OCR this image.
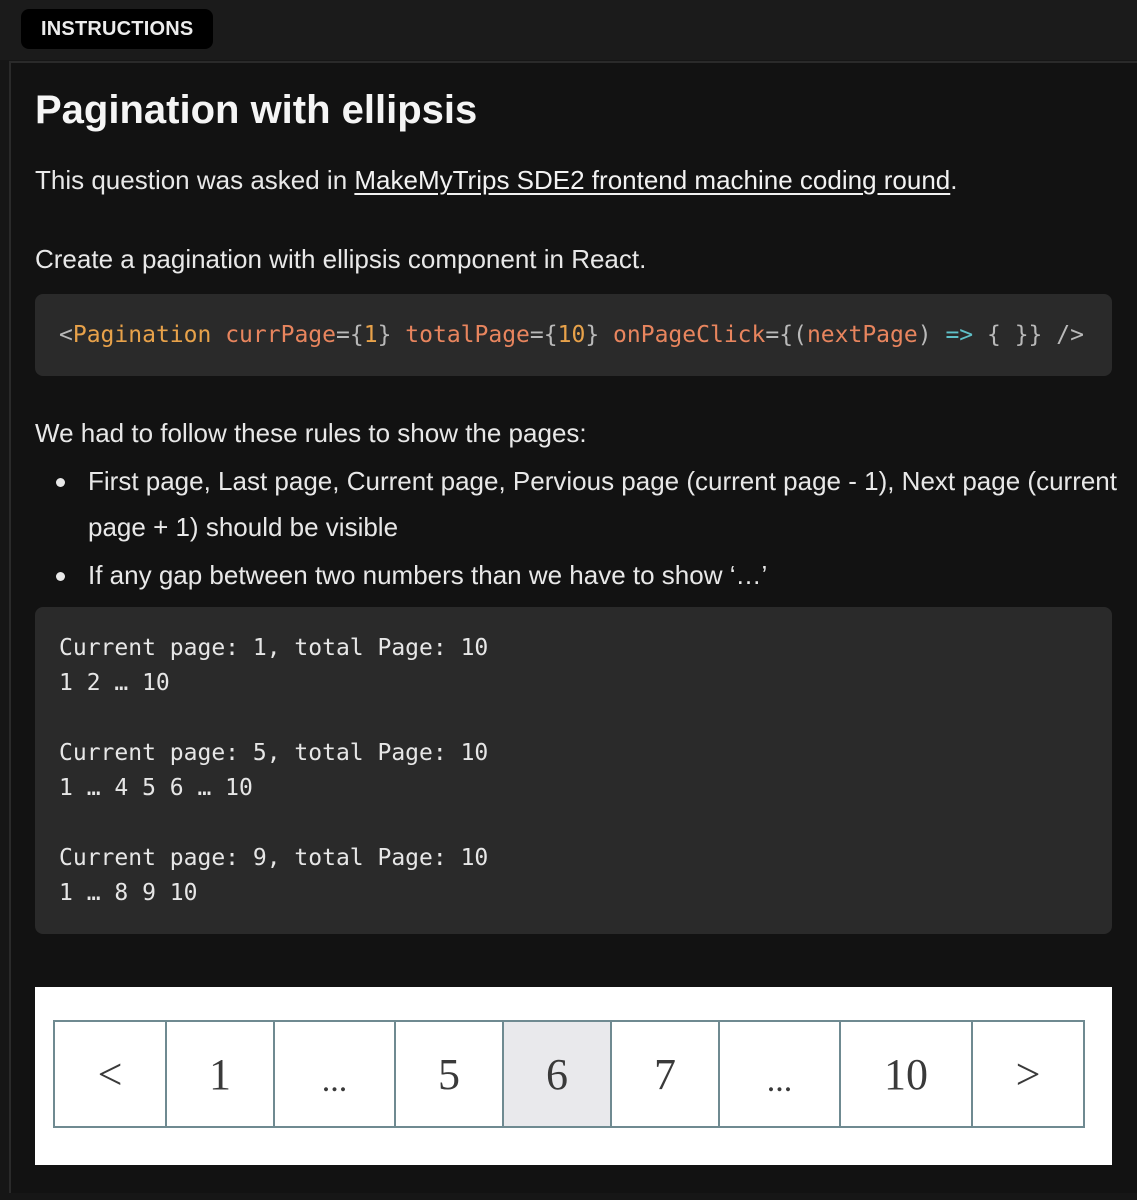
INSTRUCTIONS
Pagination with ellipsis

This question was asked in MakeMyTrips SDE2 frontend machine coding round.

Create a pagination with ellipsis component in React.

<Pagination currPage={1} totalPage={10} onPageClick={(nextPage) => { }} />

We had to follow these rules to show the pages:

First page, Last page, Current page, Pervious page (current page - 1), Next page (current page + 1) should be visible
If any gap between two numbers than we have to show ‘…’
Current page: 1, total Page: 10
1 2 … 10
Current page: 5, total Page: 10
1 … 4 5 6 … 10
Current page: 9, total Page: 10
1 … 8 9 10
< 1	... 5 6 7	... 10 >
